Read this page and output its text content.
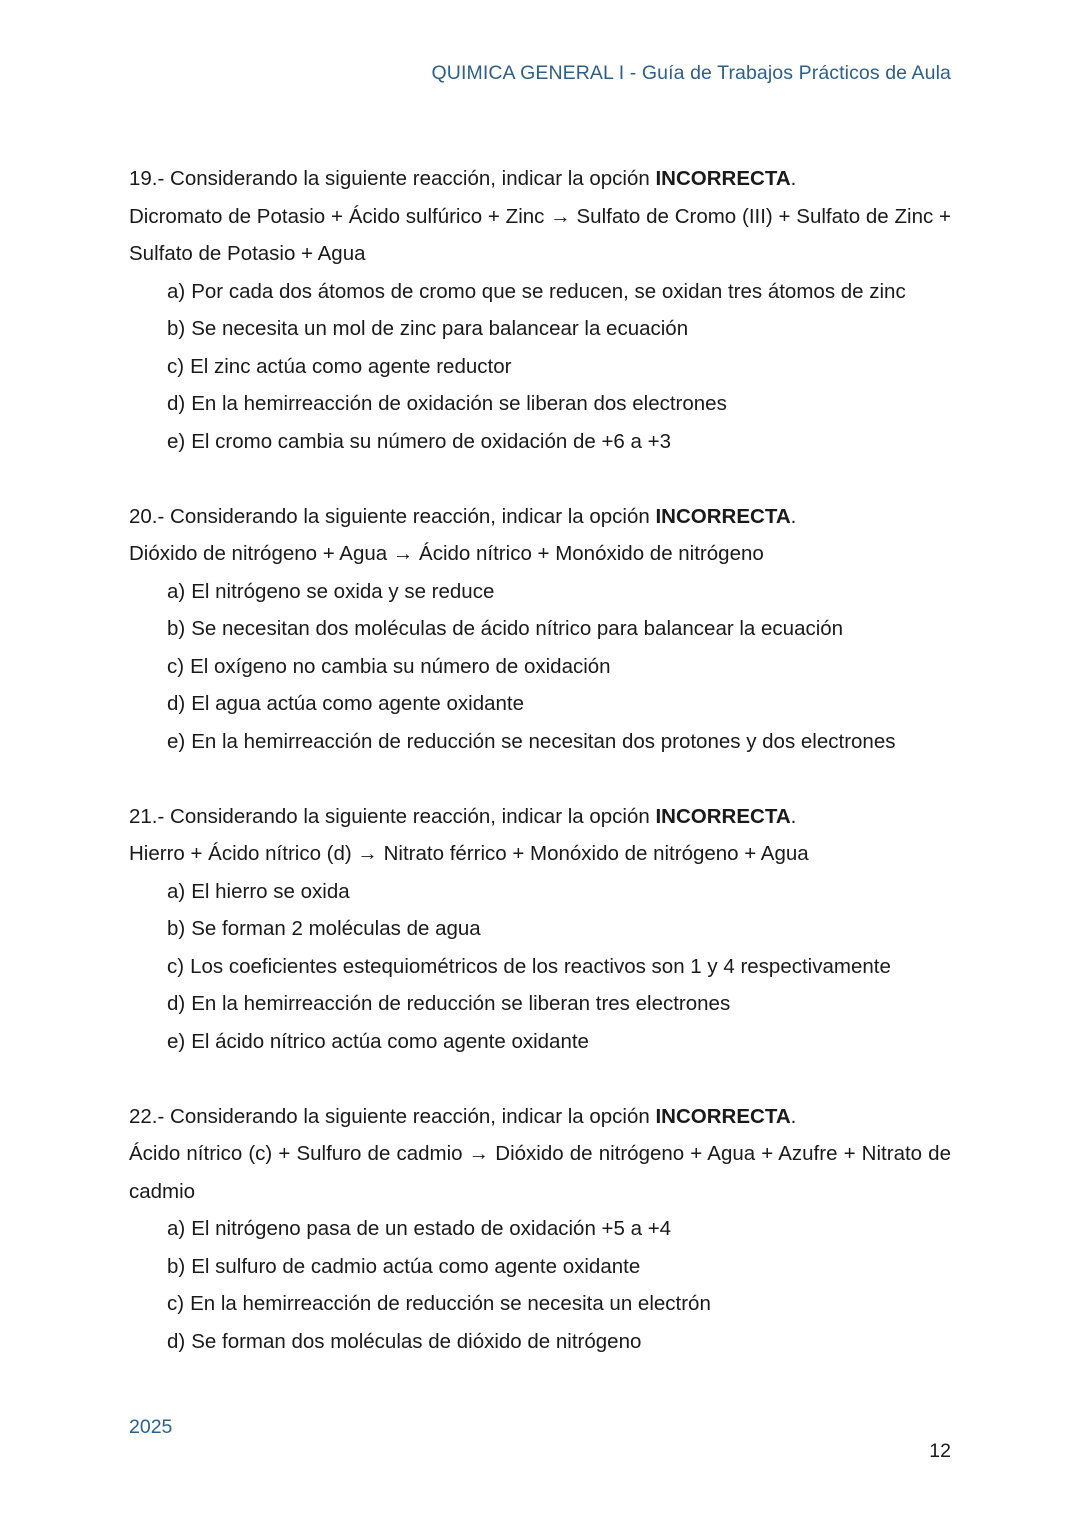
QUIMICA GENERAL I - Guía de Trabajos Prácticos de Aula
19.- Considerando la siguiente reacción, indicar la opción INCORRECTA.
Dicromato de Potasio + Ácido sulfúrico + Zinc → Sulfato de Cromo (III) + Sulfato de Zinc + Sulfato de Potasio + Agua
a) Por cada dos átomos de cromo que se reducen, se oxidan tres átomos de zinc
b) Se necesita un mol de zinc para balancear la ecuación
c) El zinc actúa como agente reductor
d) En la hemirreacción de oxidación se liberan dos electrones
e) El cromo cambia su número de oxidación de +6 a +3
20.- Considerando la siguiente reacción, indicar la opción INCORRECTA.
Dióxido de nitrógeno + Agua → Ácido nítrico + Monóxido de nitrógeno
a) El nitrógeno se oxida y se reduce
b) Se necesitan dos moléculas de ácido nítrico para balancear la ecuación
c) El oxígeno no cambia su número de oxidación
d) El agua actúa como agente oxidante
e) En la hemirreacción de reducción se necesitan dos protones y dos electrones
21.- Considerando la siguiente reacción, indicar la opción INCORRECTA.
Hierro + Ácido nítrico (d) → Nitrato férrico + Monóxido de nitrógeno + Agua
a) El hierro se oxida
b) Se forman 2 moléculas de agua
c) Los coeficientes estequiométricos de los reactivos son 1 y 4 respectivamente
d) En la hemirreacción de reducción se liberan tres electrones
e) El ácido nítrico actúa como agente oxidante
22.- Considerando la siguiente reacción, indicar la opción INCORRECTA.
Ácido nítrico (c) + Sulfuro de cadmio → Dióxido de nitrógeno + Agua + Azufre + Nitrato de cadmio
a) El nitrógeno pasa de un estado de oxidación +5 a +4
b) El sulfuro de cadmio actúa como agente oxidante
c) En la hemirreacción de reducción se necesita un electrón
d) Se forman dos moléculas de dióxido de nitrógeno
2025
12
